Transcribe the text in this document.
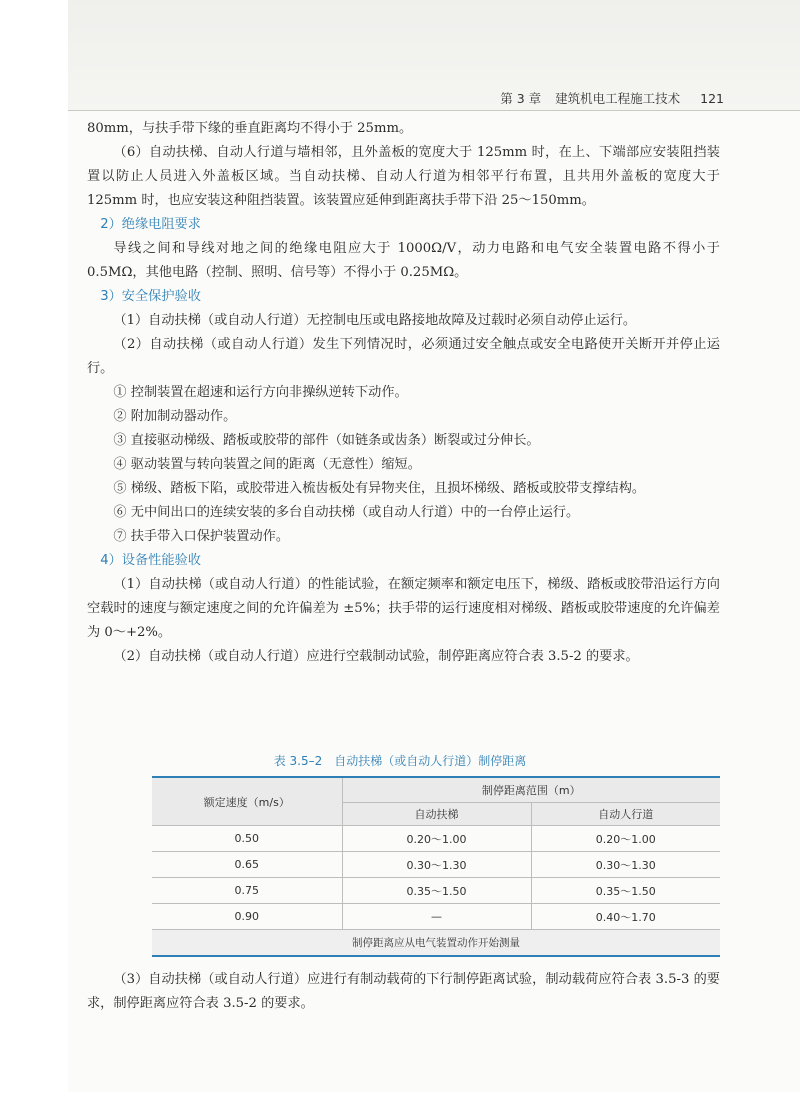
第 3 章 建筑机电工程施工技术 121

80mm，与扶手带下缘的垂直距离均不得小于 25mm。

（6）自动扶梯、自动人行道与墙相邻，且外盖板的宽度大于 125mm 时，在上、下端部应安装阻挡装置以防止人员进入外盖板区域。当自动扶梯、自动人行道为相邻平行布置，且共用外盖板的宽度大于 125mm 时，也应安装这种阻挡装置。该装置应延伸到距离扶手带下沿 25～150mm。

2）绝缘电阻要求

导线之间和导线对地之间的绝缘电阻应大于 1000Ω/V，动力电路和电气安全装置电路不得小于 0.5MΩ，其他电路（控制、照明、信号等）不得小于 0.25MΩ。

3）安全保护验收

（1）自动扶梯（或自动人行道）无控制电压或电路接地故障及过载时必须自动停止运行。

（2）自动扶梯（或自动人行道）发生下列情况时，必须通过安全触点或安全电路使开关断开并停止运行。

① 控制装置在超速和运行方向非操纵逆转下动作。

② 附加制动器动作。

③ 直接驱动梯级、踏板或胶带的部件（如链条或齿条）断裂或过分伸长。

④ 驱动装置与转向装置之间的距离（无意性）缩短。

⑤ 梯级、踏板下陷，或胶带进入梳齿板处有异物夹住，且损坏梯级、踏板或胶带支撑结构。

⑥ 无中间出口的连续安装的多台自动扶梯（或自动人行道）中的一台停止运行。

⑦ 扶手带入口保护装置动作。

4）设备性能验收

（1）自动扶梯（或自动人行道）的性能试验，在额定频率和额定电压下，梯级、踏板或胶带沿运行方向空载时的速度与额定速度之间的允许偏差为 ±5%；扶手带的运行速度相对梯级、踏板或胶带速度的允许偏差为 0～+2%。

（2）自动扶梯（或自动人行道）应进行空载制动试验，制停距离应符合表 3.5-2 的要求。

表 3.5–2　自动扶梯（或自动人行道）制停距离
额定速度（m/s）	制停距离范围（m）	
	自动扶梯	自动人行道
0.50	0.20～1.00	0.20～1.00
0.65	0.30～1.30	0.30～1.30
0.75	0.35～1.50	0.35～1.50
0.90	—	0.40～1.70
制停距离应从电气装置动作开始测量		

（3）自动扶梯（或自动人行道）应进行有制动载荷的下行制停距离试验，制动载荷应符合表 3.5-3 的要求，制停距离应符合表 3.5-2 的要求。
